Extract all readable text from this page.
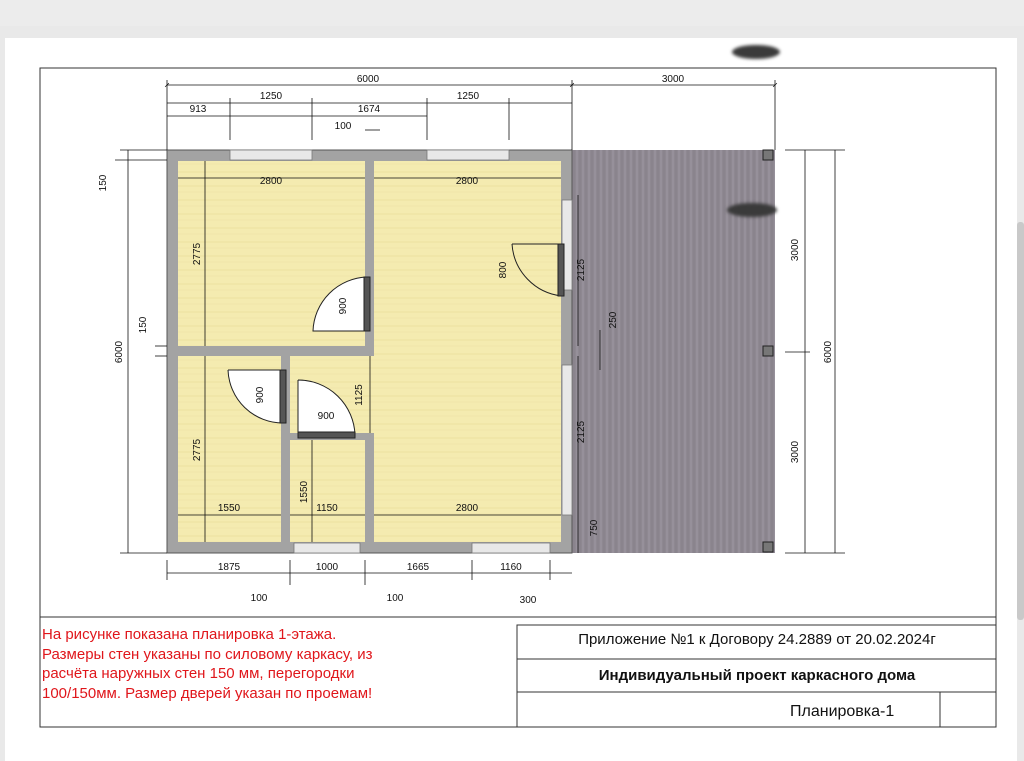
6000	3000
913
1250
1674
1250
100
150
6000
150
2800
2775
2800
800	2125
250
2125
750
900
900
900
1125
2775
1550
1550
1150	2800
1875	1000	1665	1160
100	100	300
3000
3000
6000
На рисунке показана планировка 1-этажа.
Размеры стен указаны по силовому каркасу, из
расчёта наружных стен 150 мм, перегородки
100/150мм. Размер дверей указан по проемам!
Приложение №1 к Договору 24.2889 от 20.02.2024г
Индивидуальный проект каркасного дома
Планировка-1
